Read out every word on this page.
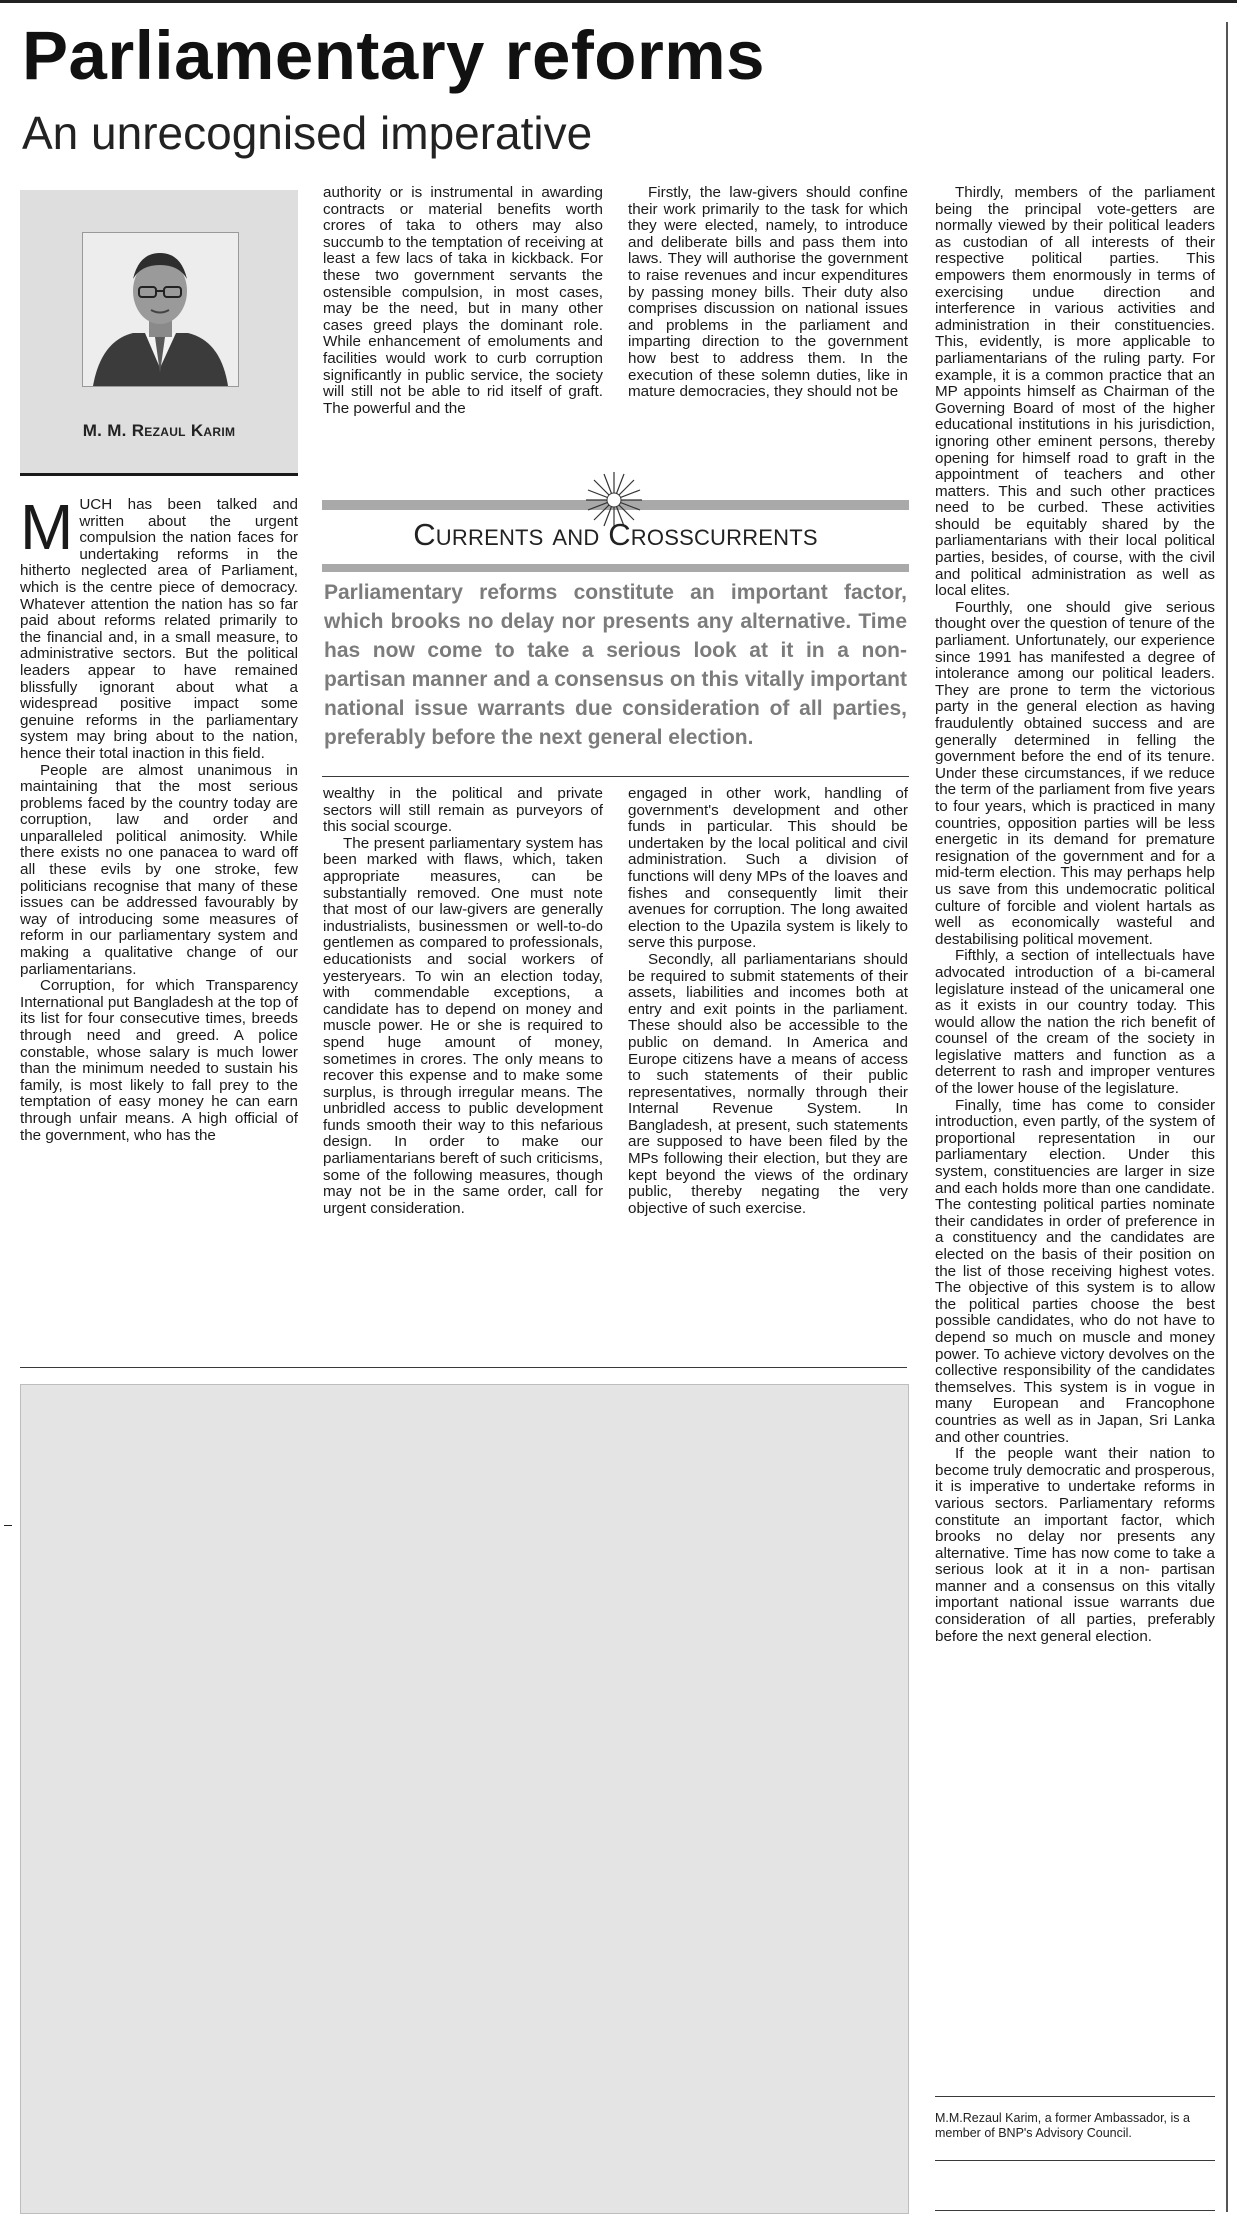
Parliamentary reforms
An unrecognised imperative
M. M. Rezaul Karim

MUCH has been talked and written about the urgent compulsion the nation faces for undertaking reforms in the hitherto neglected area of Parliament, which is the centre piece of democracy. Whatever attention the nation has so far paid about reforms related primarily to the financial and, in a small measure, to administrative sectors. But the political leaders appear to have remained blissfully ignorant about what a widespread positive impact some genuine reforms in the parliamentary system may bring about to the nation, hence their total inaction in this field.

People are almost unanimous in maintaining that the most serious problems faced by the country today are corruption, law and order and unparalleled political animosity. While there exists no one panacea to ward off all these evils by one stroke, few politicians recognise that many of these issues can be addressed favourably by way of introducing some measures of reform in our parliamentary system and making a qualitative change of our parliamentarians.

Corruption, for which Transparency International put Bangladesh at the top of its list for four consecutive times, breeds through need and greed. A police constable, whose salary is much lower than the minimum needed to sustain his family, is most likely to fall prey to the temptation of easy money he can earn through unfair means. A high official of the government, who has the

authority or is instrumental in awarding contracts or material benefits worth crores of taka to others may also succumb to the temptation of receiving at least a few lacs of taka in kickback. For these two government servants the ostensible compulsion, in most cases, may be the need, but in many other cases greed plays the dominant role. While enhancement of emoluments and facilities would work to curb corruption significantly in public service, the society will still not be able to rid itself of graft. The powerful and the

Firstly, the law-givers should confine their work primarily to the task for which they were elected, namely, to introduce and deliberate bills and pass them into laws. They will authorise the government to raise revenues and incur expenditures by passing money bills. Their duty also comprises discussion on national issues and problems in the parliament and imparting direction to the government how best to address them. In the execution of these solemn duties, like in mature democracies, they should not be

Currents and Crosscurrents

Parliamentary reforms constitute an important factor, which brooks no delay nor presents any alternative. Time has now come to take a serious look at it in a non-partisan manner and a consensus on this vitally important national issue warrants due consideration of all parties, preferably before the next general election.

wealthy in the political and private sectors will still remain as purveyors of this social scourge.

The present parliamentary system has been marked with flaws, which, taken appropriate measures, can be substantially removed. One must note that most of our law-givers are generally industrialists, businessmen or well-to-do gentlemen as compared to professionals, educationists and social workers of yesteryears. To win an election today, with commendable exceptions, a candidate has to depend on money and muscle power. He or she is required to spend huge amount of money, sometimes in crores. The only means to recover this expense and to make some surplus, is through irregular means. The unbridled access to public development funds smooth their way to this nefarious design. In order to make our parliamentarians bereft of such criticisms, some of the following measures, though may not be in the same order, call for urgent consideration.

engaged in other work, handling of government's development and other funds in particular. This should be undertaken by the local political and civil administration. Such a division of functions will deny MPs of the loaves and fishes and consequently limit their avenues for corruption. The long awaited election to the Upazila system is likely to serve this purpose.

Secondly, all parliamentarians should be required to submit statements of their assets, liabilities and incomes both at entry and exit points in the parliament. These should also be accessible to the public on demand. In America and Europe citizens have a means of access to such statements of their public representatives, normally through their Internal Revenue System. In Bangladesh, at present, such statements are supposed to have been filed by the MPs following their election, but they are kept beyond the views of the ordinary public, thereby negating the very objective of such exercise.

Thirdly, members of the parliament being the principal vote-getters are normally viewed by their political leaders as custodian of all interests of their respective political parties. This empowers them enormously in terms of exercising undue direction and interference in various activities and administration in their constituencies. This, evidently, is more applicable to parliamentarians of the ruling party. For example, it is a common practice that an MP appoints himself as Chairman of the Governing Board of most of the higher educational institutions in his jurisdiction, ignoring other eminent persons, thereby opening for himself road to graft in the appointment of teachers and other matters. This and such other practices need to be curbed. These activities should be equitably shared by the parliamentarians with their local political parties, besides, of course, with the civil and political administration as well as local elites.

Fourthly, one should give serious thought over the question of tenure of the parliament. Unfortunately, our experience since 1991 has manifested a degree of intolerance among our political leaders. They are prone to term the victorious party in the general election as having fraudulently obtained success and are generally determined in felling the government before the end of its tenure. Under these circumstances, if we reduce the term of the parliament from five years to four years, which is practiced in many countries, opposition parties will be less energetic in its demand for premature resignation of the government and for a mid-term election. This may perhaps help us save from this undemocratic political culture of forcible and violent hartals as well as economically wasteful and destabilising political movement.

Fifthly, a section of intellectuals have advocated introduction of a bi-cameral legislature instead of the unicameral one as it exists in our country today. This would allow the nation the rich benefit of counsel of the cream of the society in legislative matters and function as a deterrent to rash and improper ventures of the lower house of the legislature.

Finally, time has come to consider introduction, even partly, of the system of proportional representation in our parliamentary election. Under this system, constituencies are larger in size and each holds more than one candidate. The contesting political parties nominate their candidates in order of preference in a constituency and the candidates are elected on the basis of their position on the list of those receiving highest votes. The objective of this system is to allow the political parties choose the best possible candidates, who do not have to depend so much on muscle and money power. To achieve victory devolves on the collective responsibility of the candidates themselves. This system is in vogue in many European and Francophone countries as well as in Japan, Sri Lanka and other countries.

If the people want their nation to become truly democratic and prosperous, it is imperative to undertake reforms in various sectors. Parliamentary reforms constitute an important factor, which brooks no delay nor presents any alternative. Time has now come to take a serious look at it in a non- partisan manner and a consensus on this vitally important national issue warrants due consideration of all parties, preferably before the next general election.

M.M.Rezaul Karim, a former Ambassador, is a member of BNP's Advisory Council.
